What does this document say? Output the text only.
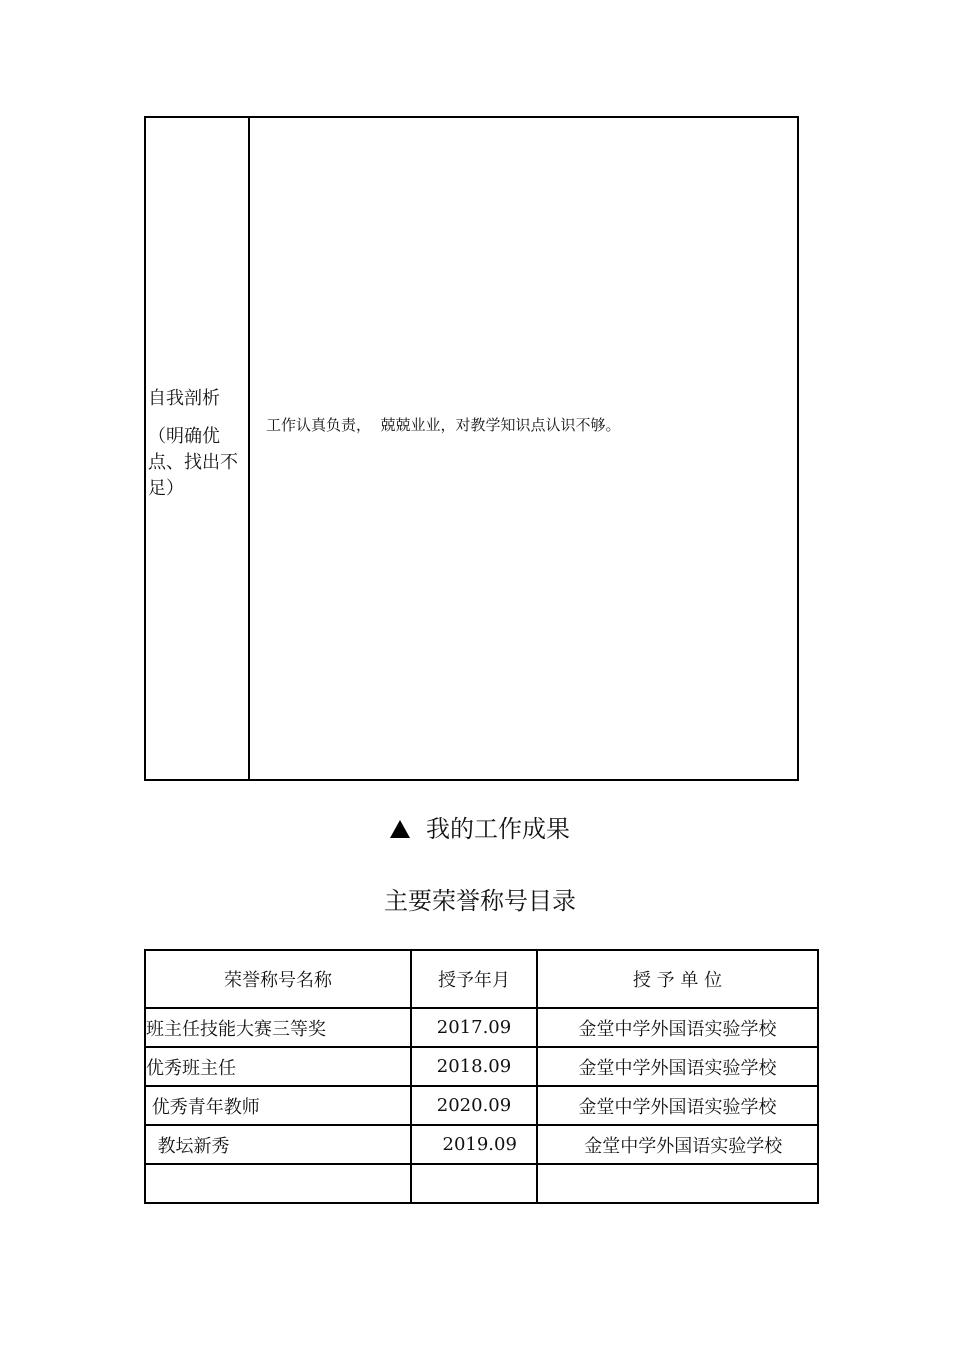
自我剖析
（明确优点、找出不足）
工作认真负责，  兢兢业业，对教学知识点认识不够。
我的工作成果
主要荣誉称号目录
荣誉称号名称	授予年月	授 予 单 位
班主任技能大赛三等奖	2017.09	金堂中学外国语实验学校
优秀班主任	2018.09	金堂中学外国语实验学校
优秀青年教师	2020.09	金堂中学外国语实验学校
教坛新秀	2019.09	金堂中学外国语实验学校
